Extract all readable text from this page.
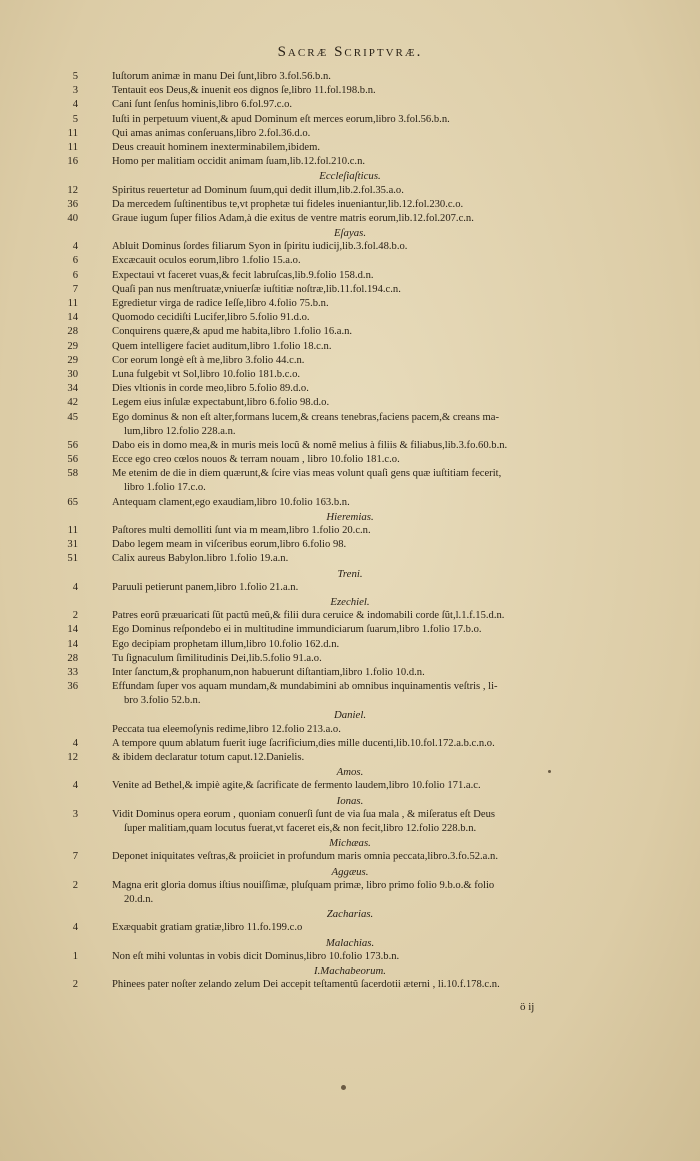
Sacræ Scriptvræ.
5	Iuſtorum animæ in manu Dei ſunt,libro 3.fol.56.b.n.
3	Tentauit eos Deus,& inuenit eos dignos ſe,libro 11.fol.198.b.n.
4	Cani ſunt ſenſus hominis,libro 6.fol.97.c.o.
5	Iuſti in perpetuum viuent,& apud Dominum eſt merces eorum,libro 3.fol.56.b.n.
11	Qui amas animas conſeruans,libro 2.fol.36.d.o.
11	Deus creauit hominem inexterminabilem,ibidem.
16	Homo per malitiam occidit animam ſuam,lib.12.fol.210.c.n.
Eccleſiaſticus.
12	Spiritus reuertetur ad Dominum ſuum,qui dedit illum,lib.2.fol.35.a.o.
36	Da mercedem ſuſtinentibus te,vt prophetæ tui fideles inueniantur,lib.12.fol.230.c.o.
40	Graue iugum ſuper filios Adam,à die exitus de ventre matris eorum,lib.12.fol.207.c.n.
Eſayas.
4	Abluit Dominus ſordes filiarum Syon in ſpiritu iudicij,lib.3.fol.48.b.o.
6	Excæcauit oculos eorum,libro 1.folio 15.a.o.
6	Expectaui vt faceret vuas,& fecit labruſcas,lib.9.folio 158.d.n.
7	Quaſi pan nus menſtruatæ,vniuerſæ iuſtitiæ noſtræ,lib.11.fol.194.c.n.
11	Egredietur virga de radice Ieſſe,libro 4.folio 75.b.n.
14	Quomodo cecidiſti Lucifer,libro 5.folio 91.d.o.
28	Conquirens quære,& apud me habita,libro 1.folio 16.a.n.
29	Quem intelligere faciet auditum,libro 1.folio 18.c.n.
29	Cor eorum longè eſt à me,libro 3.folio 44.c.n.
30	Luna fulgebit vt Sol,libro 10.folio 181.b.c.o.
34	Dies vltionis in corde meo,libro 5.folio 89.d.o.
42	Legem eius inſulæ expectabunt,libro 6.folio 98.d.o.
45	Ego dominus & non eſt alter,formans lucem,& creans tenebras,faciens pacem,& creans ma-

lum,libro 12.folio 228.a.n.
56	Dabo eis in domo mea,& in muris meis locũ & nomẽ melius à filiis & filiabus,lib.3.fo.60.b.n.
56	Ecce ego creo cœlos nouos & terram nouam , libro 10.folio 181.c.o.
58	Me etenim de die in diem quærunt,& ſcire vias meas volunt quaſi gens quæ iuſtitiam fecerit,

libro 1.folio 17.c.o.
65	Antequam clament,ego exaudiam,libro 10.folio 163.b.n.
Hieremias.
11	Paſtores multi demolliti ſunt via m meam,libro 1.folio 20.c.n.
31	Dabo legem meam in viſceribus eorum,libro 6.folio 98.
51	Calix aureus Babylon.libro 1.folio 19.a.n.
Treni.
4	Paruuli petierunt panem,libro 1.folio 21.a.n.
Ezechiel.
2	Patres eorũ præuaricati ſũt pactũ meũ,& filii dura ceruice & indomabili corde ſũt,l.1.f.15.d.n.
14	Ego Dominus reſpondebo ei in multitudine immundiciarum ſuarum,libro 1.folio 17.b.o.
14	Ego decipiam prophetam illum,libro 10.folio 162.d.n.
28	Tu ſignaculum ſimilitudinis Dei,lib.5.folio 91.a.o.
33	Inter ſanctum,& prophanum,non habuerunt diſtantiam,libro 1.folio 10.d.n.
36	Effundam ſuper vos aquam mundam,& mundabimini ab omnibus inquinamentis veſtris , li-

bro 3.folio 52.b.n.
Daniel.
Peccata tua eleemoſynis redime,libro 12.folio 213.a.o.
4	A tempore quum ablatum fuerit iuge ſacrificium,dies mille ducenti,lib.10.fol.172.a.b.c.n.o.
12	& ibidem declaratur totum caput.12.Danielis.
Amos.
4	Venite ad Bethel,& impiè agite,& ſacrificate de fermento laudem,libro 10.folio 171.a.c.
Ionas.
3	Vidit Dominus opera eorum , quoniam conuerſi ſunt de via ſua mala , & miſeratus eſt Deus

ſuper malitiam,quam locutus fuerat,vt faceret eis,& non fecit,libro 12.folio 228.b.n.
Michæas.
7	Deponet iniquitates veſtras,& proiiciet in profundum maris omnia peccata,libro.3.fo.52.a.n.
Aggæus.
2	Magna erit gloria domus iſtius nouiſſimæ, pluſquam primæ, libro primo folio 9.b.o.& folio

20.d.n.
Zacharias.
4	Exæquabit gratiam gratiæ,libro 11.fo.199.c.o
Malachias.
1	Non eſt mihi voluntas in vobis dicit Dominus,libro 10.folio 173.b.n.
I.Machabeorum.
2	Phinees pater noſter zelando zelum Dei accepit teſtamentũ ſacerdotii æterni , li.10.f.178.c.n.
ö ij
